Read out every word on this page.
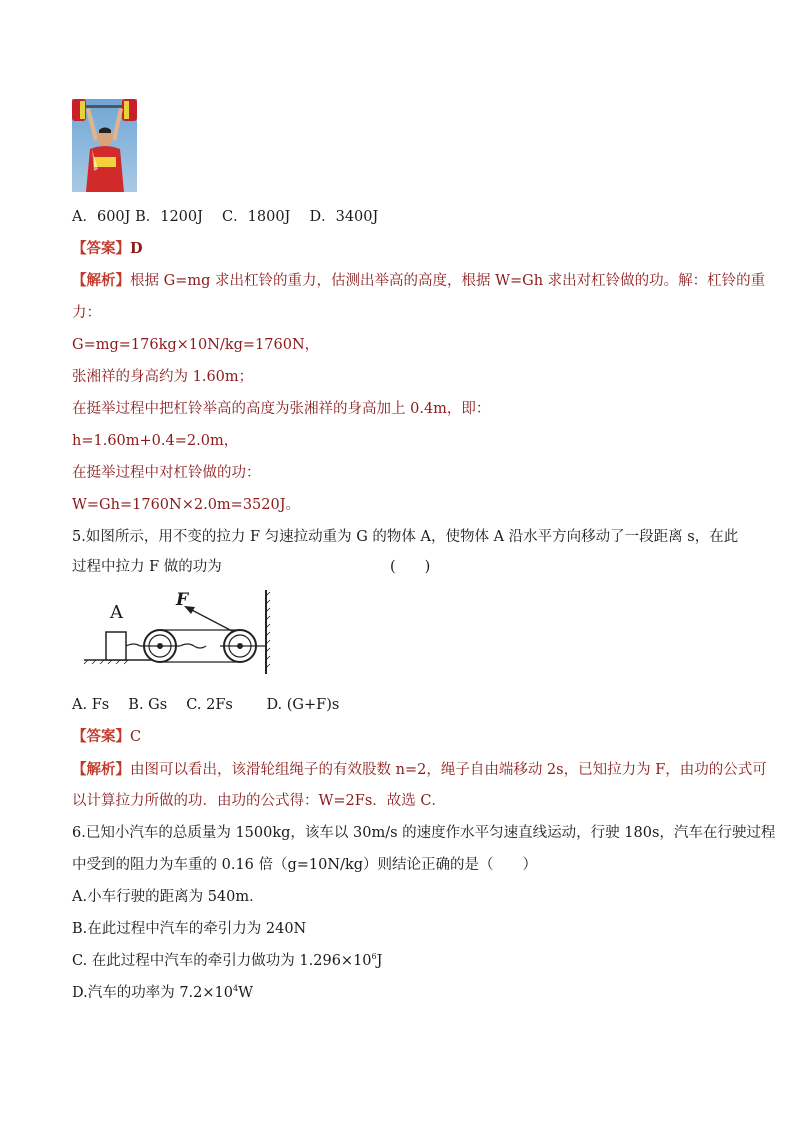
A．600J B．1200J　 C．1800J　 D．3400J
【答案】D
【解析】根据 G=mg 求出杠铃的重力，估测出举高的高度，根据 W=Gh 求出对杠铃做的功。解：杠铃的重
力：
G=mg=176kg×10N/kg=1760N，
张湘祥的身高约为 1.60m；
在挺举过程中把杠铃举高的高度为张湘祥的身高加上 0.4m，即：
h=1.60m+0.4=2.0m，
在挺举过程中对杠铃做的功：
W=Gh=1760N×2.0m=3520J。
5.如图所示，用不变的拉力 F 匀速拉动重为 G 的物体 A，使物体 A 沿水平方向移动了一段距离 s，在此
过程中拉力 F 做的功为	(　　)
A
F
A. Fs　 B. Gs　 C. 2Fs　　 D. (G+F)s
【答案】C
【解析】由图可以看出，该滑轮组绳子的有效股数 n=2，绳子自由端移动 2s，已知拉力为 F，由功的公式可
以计算拉力所做的功．由功的公式得：W=2Fs．故选 C．
6.已知小汽车的总质量为 1500kg，该车以 30m/s 的速度作水平匀速直线运动，行驶 180s，汽车在行驶过程
中受到的阻力为车重的 0.16 倍（g=10N/kg）则结论正确的是（　　）
A.小车行驶的距离为 540m．
B.在此过程中汽车的牵引力为 240N
C. 在此过程中汽车的牵引力做功为 $1.296\times 10^6J$
D.汽车的功率为 $7.2\times 10^4W$
